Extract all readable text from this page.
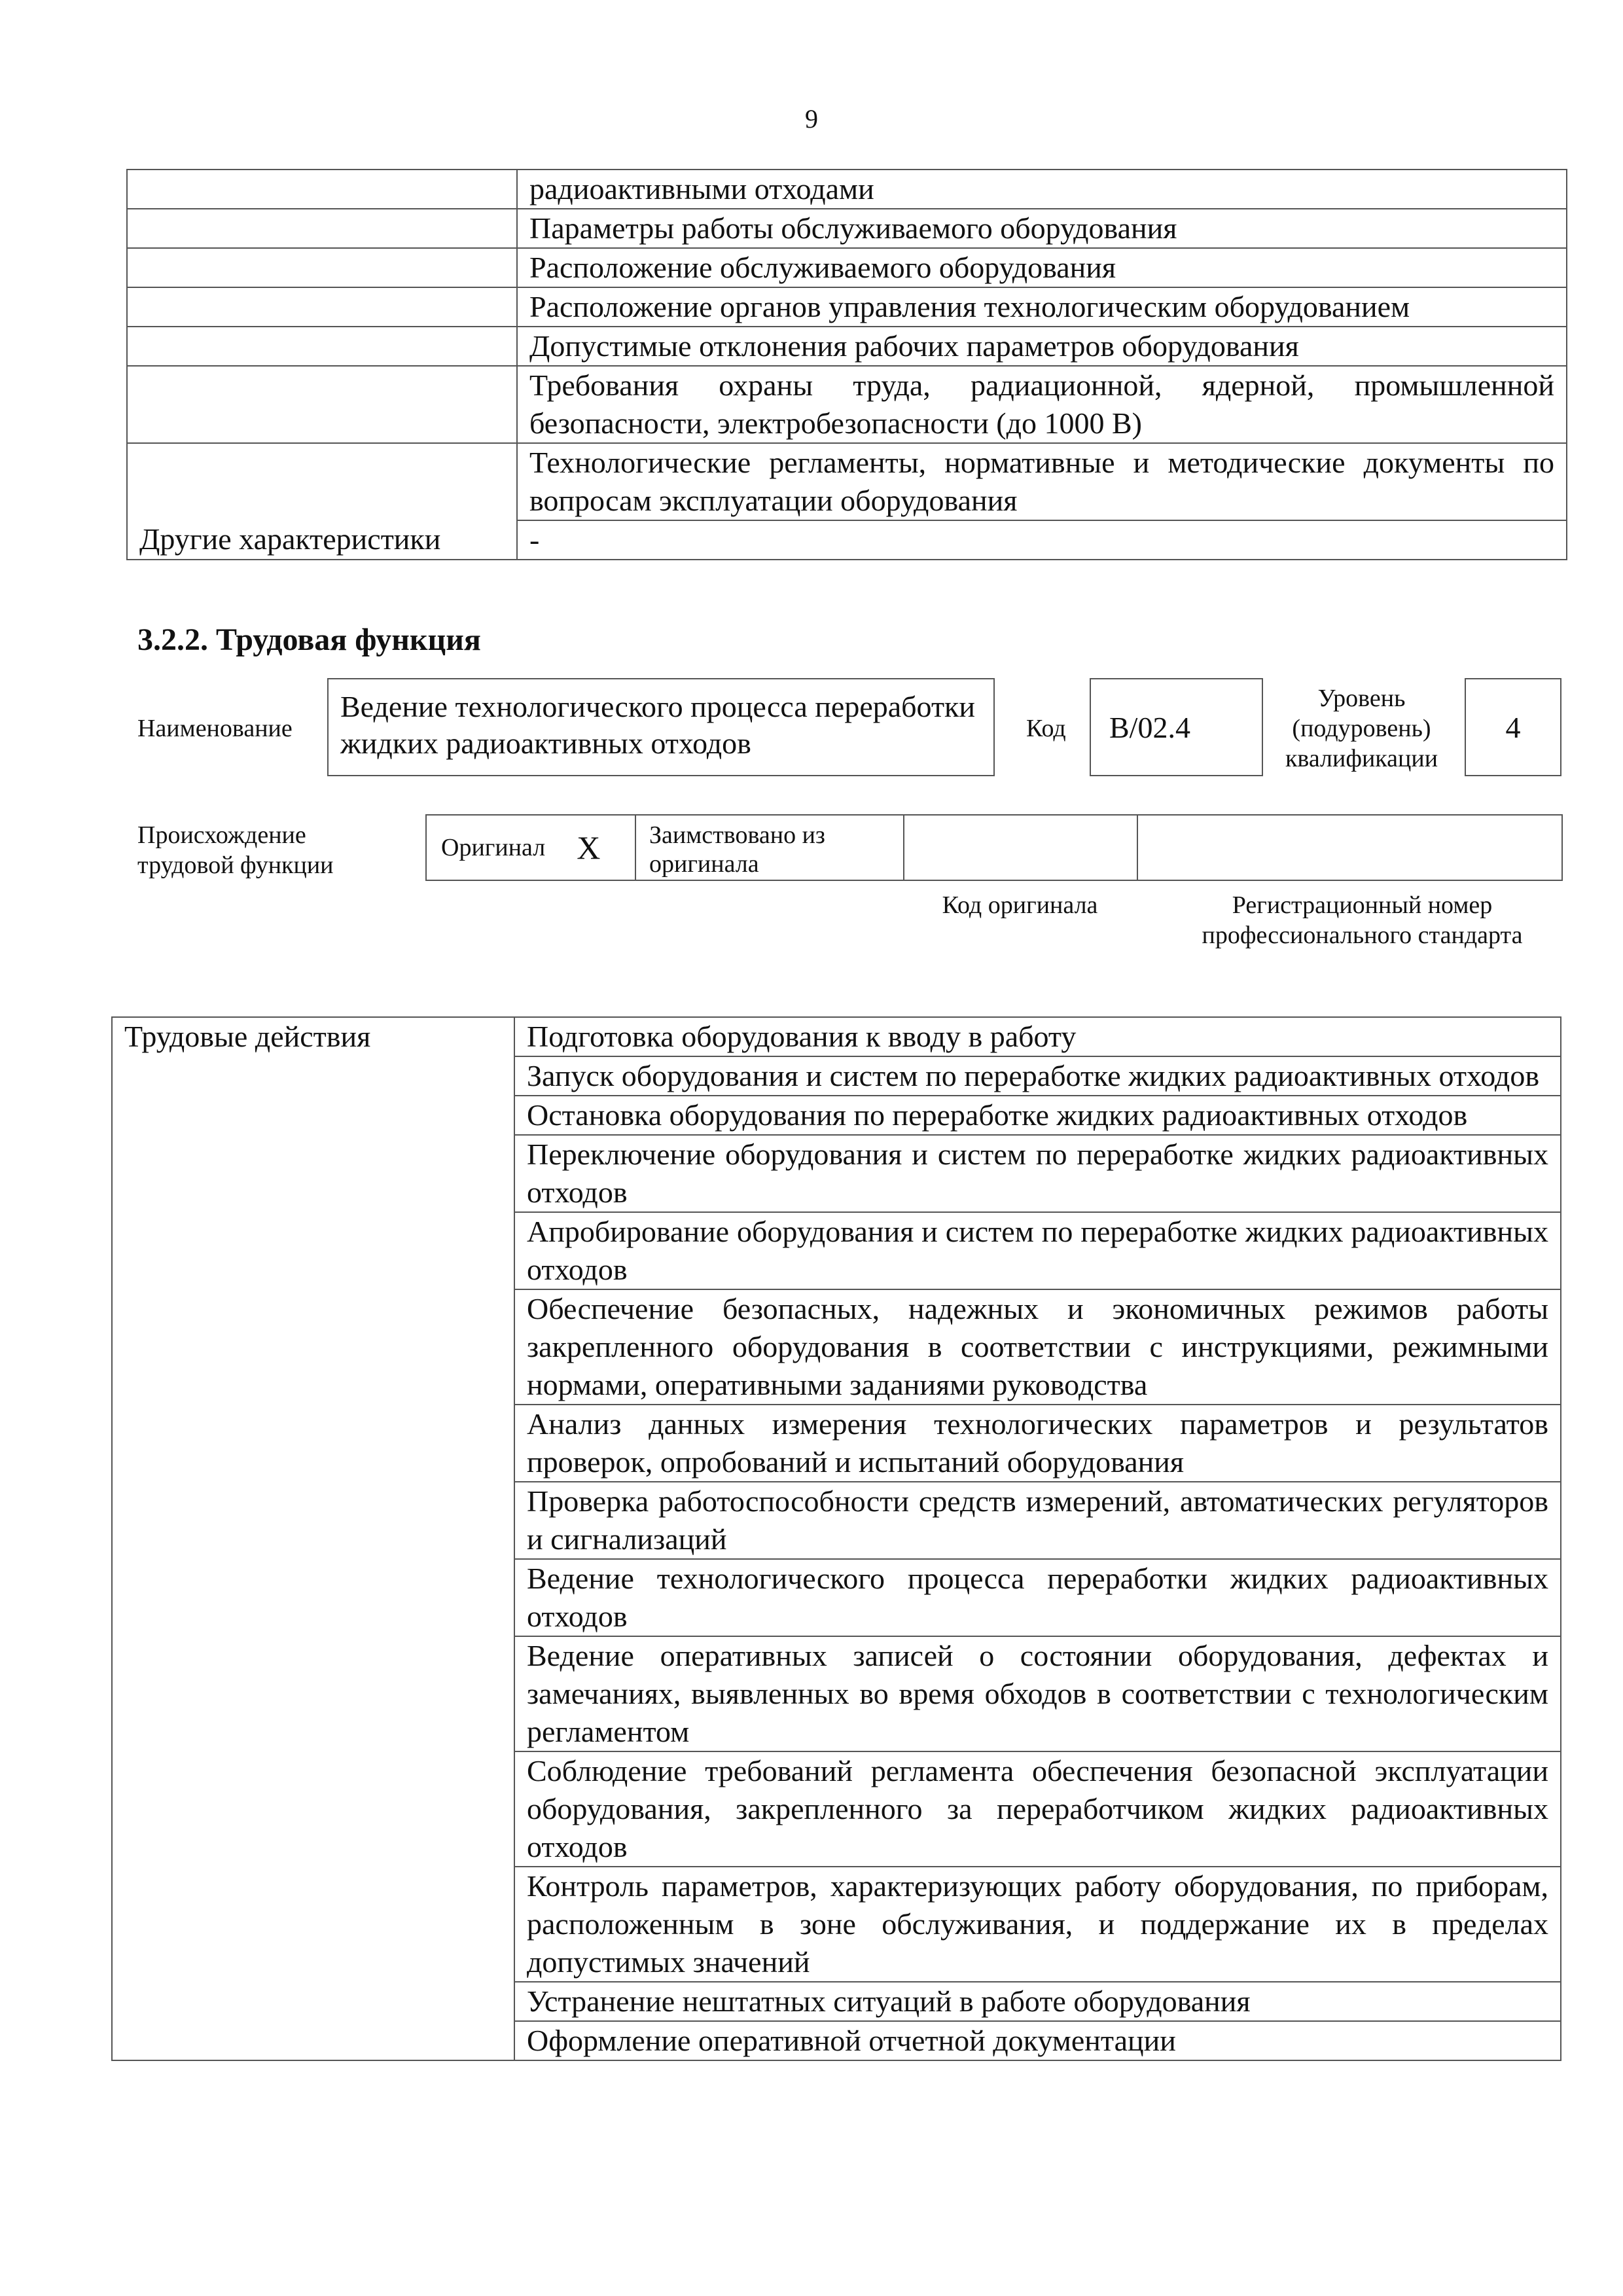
9
	радиоактивными отходами
	Параметры работы обслуживаемого оборудования
	Расположение обслуживаемого оборудования
	Расположение органов управления технологическим оборудованием
	Допустимые отклонения рабочих параметров оборудования
	Требования охраны труда, радиационной, ядерной, промышленной безопасности, электробезопасности (до 1000 В)
	Технологические регламенты, нормативные и методические документы по вопросам эксплуатации оборудования
Другие характеристики	-
3.2.2. Трудовая функция
Наименование
Ведение технологического процесса переработки жидких радиоактивных отходов	Код	B/02.4
Уровень
(подуровень)
квалификации
4
Происхождение
трудовой функции
Оригинал X Заимствовано из
оригинала
Код оригинала	Регистрационный номер
профессионального стандарта
Трудовые действия	Подготовка оборудования к вводу в работу
Запуск оборудования и систем по переработке жидких радиоактивных отходов
Остановка оборудования по переработке жидких радиоактивных отходов
Переключение оборудования и систем по переработке жидких радиоактивных отходов
Апробирование оборудования и систем по переработке жидких радиоактивных отходов
Обеспечение безопасных, надежных и экономичных режимов работы закрепленного оборудования в соответствии с инструкциями, режимными нормами, оперативными заданиями руководства
Анализ данных измерения технологических параметров и результатов проверок, опробований и испытаний оборудования
Проверка работоспособности средств измерений, автоматических регуляторов и сигнализаций
Ведение технологического процесса переработки жидких радиоактивных отходов
Ведение оперативных записей о состоянии оборудования, дефектах и замечаниях, выявленных во время обходов в соответствии с технологическим регламентом
Соблюдение требований регламента обеспечения безопасной эксплуатации оборудования, закрепленного за переработчиком жидких радиоактивных отходов
Контроль параметров, характеризующих работу оборудования, по приборам, расположенным в зоне обслуживания, и поддержание их в пределах допустимых значений
Устранение нештатных ситуаций в работе оборудования
Оформление оперативной отчетной документации
